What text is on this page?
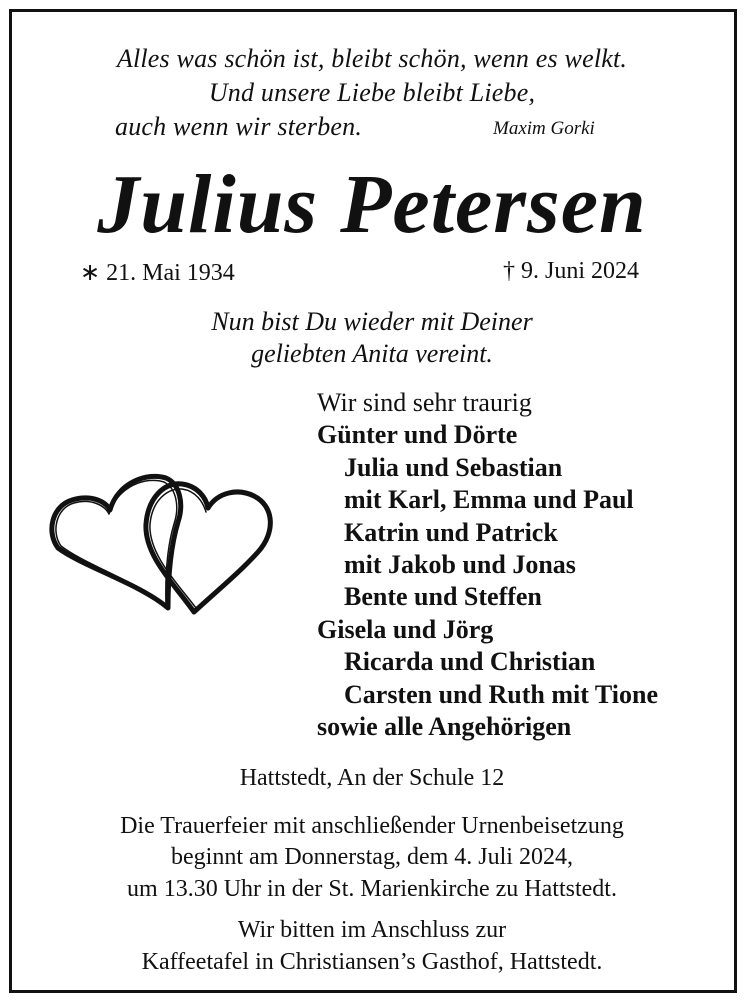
Alles was schön ist, bleibt schön, wenn es welkt.
Und unsere Liebe bleibt Liebe,
auch wenn wir sterben.	Maxim Gorki
Julius Petersen
∗ 21. Mai 1934	† 9. Juni 2024
Nun bist Du wieder mit Deiner
geliebten Anita vereint.
Wir sind sehr traurig
Günter und Dörte
Julia und Sebastian
mit Karl, Emma und Paul
Katrin und Patrick
mit Jakob und Jonas
Bente und Steffen
Gisela und Jörg
Ricarda und Christian
Carsten und Ruth mit Tione
sowie alle Angehörigen
Hattstedt, An der Schule 12
Die Trauerfeier mit anschließender Urnenbeisetzung
beginnt am Donnerstag, dem 4. Juli 2024,
um 13.30 Uhr in der St. Marienkirche zu Hattstedt.
Wir bitten im Anschluss zur
Kaffeetafel in Christiansen’s Gasthof, Hattstedt.
